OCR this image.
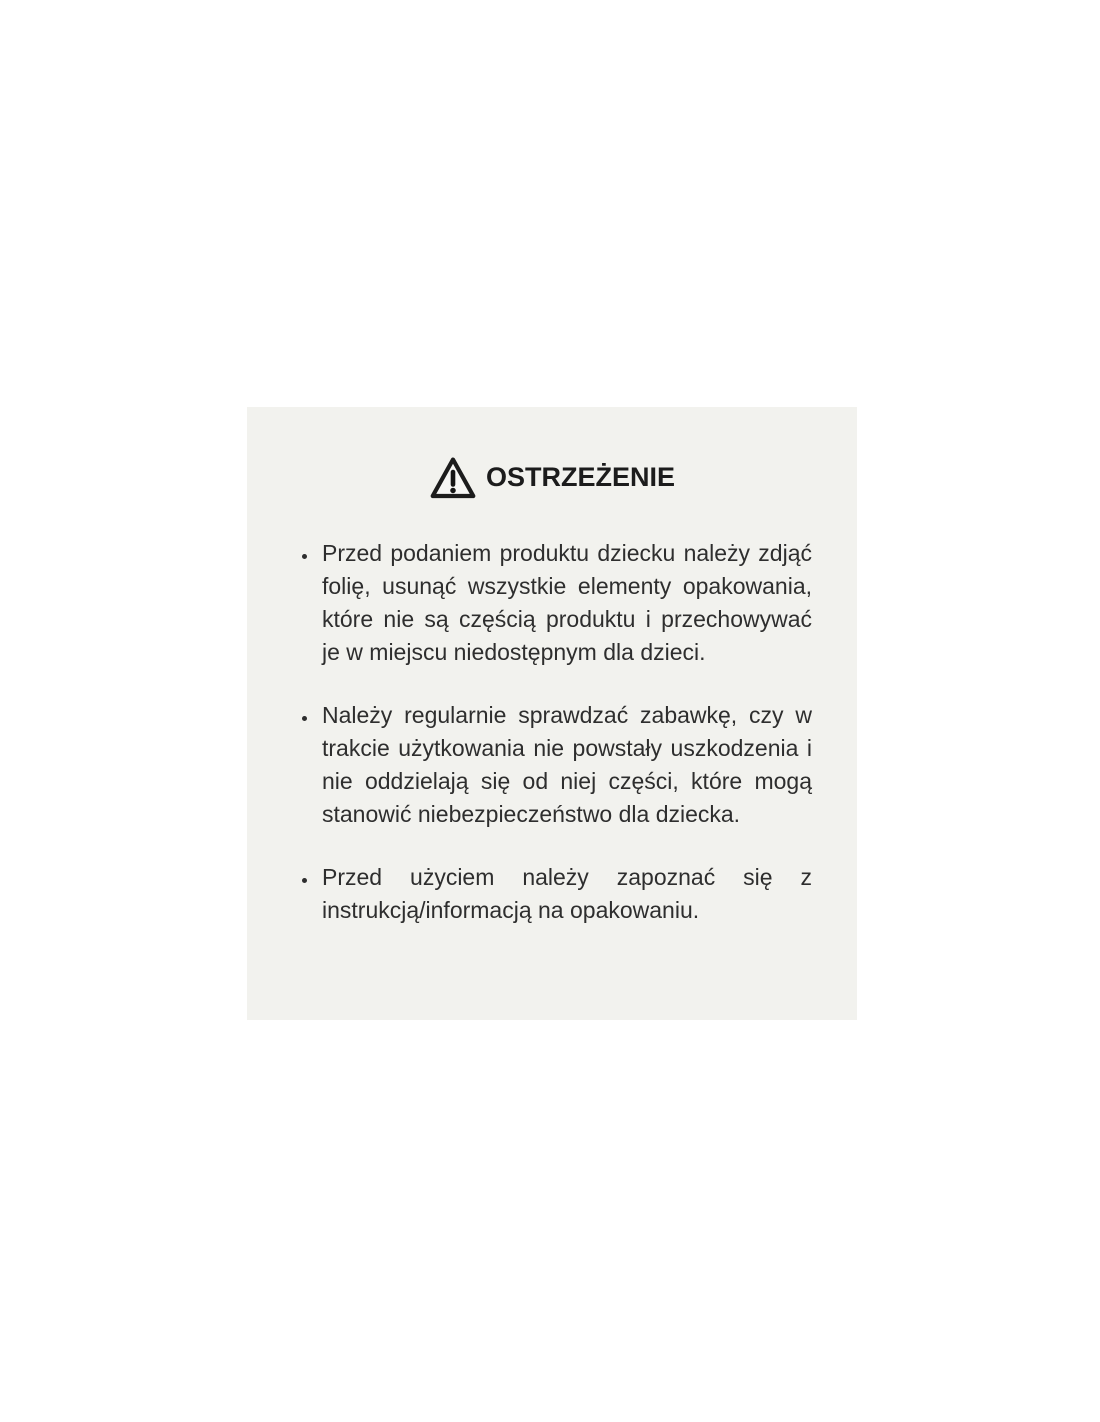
OSTRZEŻENIE
• Przed podaniem produktu dziecku należy zdjąć folię, usunąć wszystkie elementy opakowania, które nie są częścią produktu i przechowywać je w miejscu niedostępnym dla dzieci.
• Należy regularnie sprawdzać zabawkę, czy w trakcie użytkowania nie powstały uszkodzenia i nie oddzielają się od niej części, które mogą stanowić niebezpieczeństwo dla dziecka.
• Przed użyciem należy zapoznać się z instrukcją/informacją na opakowaniu.
